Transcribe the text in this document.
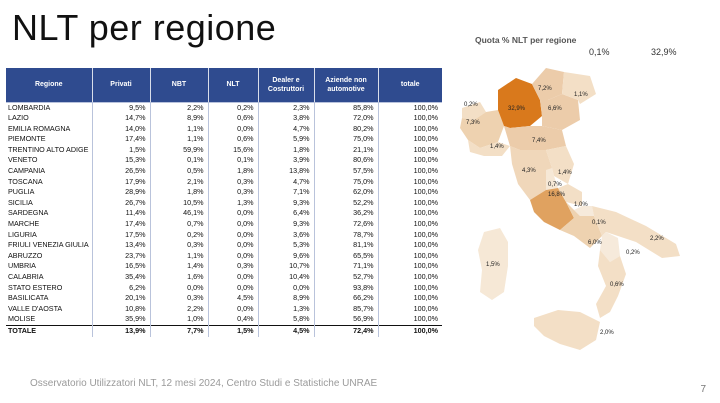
NLT per regione
Regione	Privati	NBT	NLT	Dealer e Costruttori	Aziende non automotive	totale
LOMBARDIA	9,5%	2,2%	0,2%	2,3%	85,8%	100,0%
LAZIO	14,7%	8,9%	0,6%	3,8%	72,0%	100,0%
EMILIA ROMAGNA	14,0%	1,1%	0,0%	4,7%	80,2%	100,0%
PIEMONTE	17,4%	1,1%	0,6%	5,9%	75,0%	100,0%
TRENTINO ALTO ADIGE	1,5%	59,9%	15,6%	1,8%	21,1%	100,0%
VENETO	15,3%	0,1%	0,1%	3,9%	80,6%	100,0%
CAMPANIA	26,5%	0,5%	1,8%	13,8%	57,5%	100,0%
TOSCANA	17,9%	2,1%	0,3%	4,7%	75,0%	100,0%
PUGLIA	28,9%	1,8%	0,3%	7,1%	62,0%	100,0%
SICILIA	26,7%	10,5%	1,3%	9,3%	52,2%	100,0%
SARDEGNA	11,4%	46,1%	0,0%	6,4%	36,2%	100,0%
MARCHE	17,4%	0,7%	0,0%	9,3%	72,6%	100,0%
LIGURIA	17,5%	0,2%	0,0%	3,6%	78,7%	100,0%
FRIULI VENEZIA GIULIA	13,4%	0,3%	0,0%	5,3%	81,1%	100,0%
ABRUZZO	23,7%	1,1%	0,0%	9,6%	65,5%	100,0%
UMBRIA	16,5%	1,4%	0,3%	10,7%	71,1%	100,0%
CALABRIA	35,4%	1,6%	0,0%	10,4%	52,7%	100,0%
STATO ESTERO	6,2%	0,0%	0,0%	0,0%	93,8%	100,0%
BASILICATA	20,1%	0,3%	4,5%	8,9%	66,2%	100,0%
VALLE D'AOSTA	10,8%	2,2%	0,0%	1,3%	85,7%	100,0%
MOLISE	35,9%	1,0%	0,4%	5,8%	56,9%	100,0%
TOTALE	13,9%	7,7%	1,5%	4,5%	72,4%	100,0%
Quota % NLT per regione
0,1%	32,9%
32,9%
16,8%
7,2%
6,6%
7,3%
7,4%
6,0%
4,3%
2,2%
2,0%
1,5%
1,4%
1,4%
1,1%
1,0%
0,7%
0,6%
0,2%
0,2%
0,1%
Osservatorio Utilizzatori NLT, 12 mesi 2024, Centro Studi e Statistiche UNRAE
7
